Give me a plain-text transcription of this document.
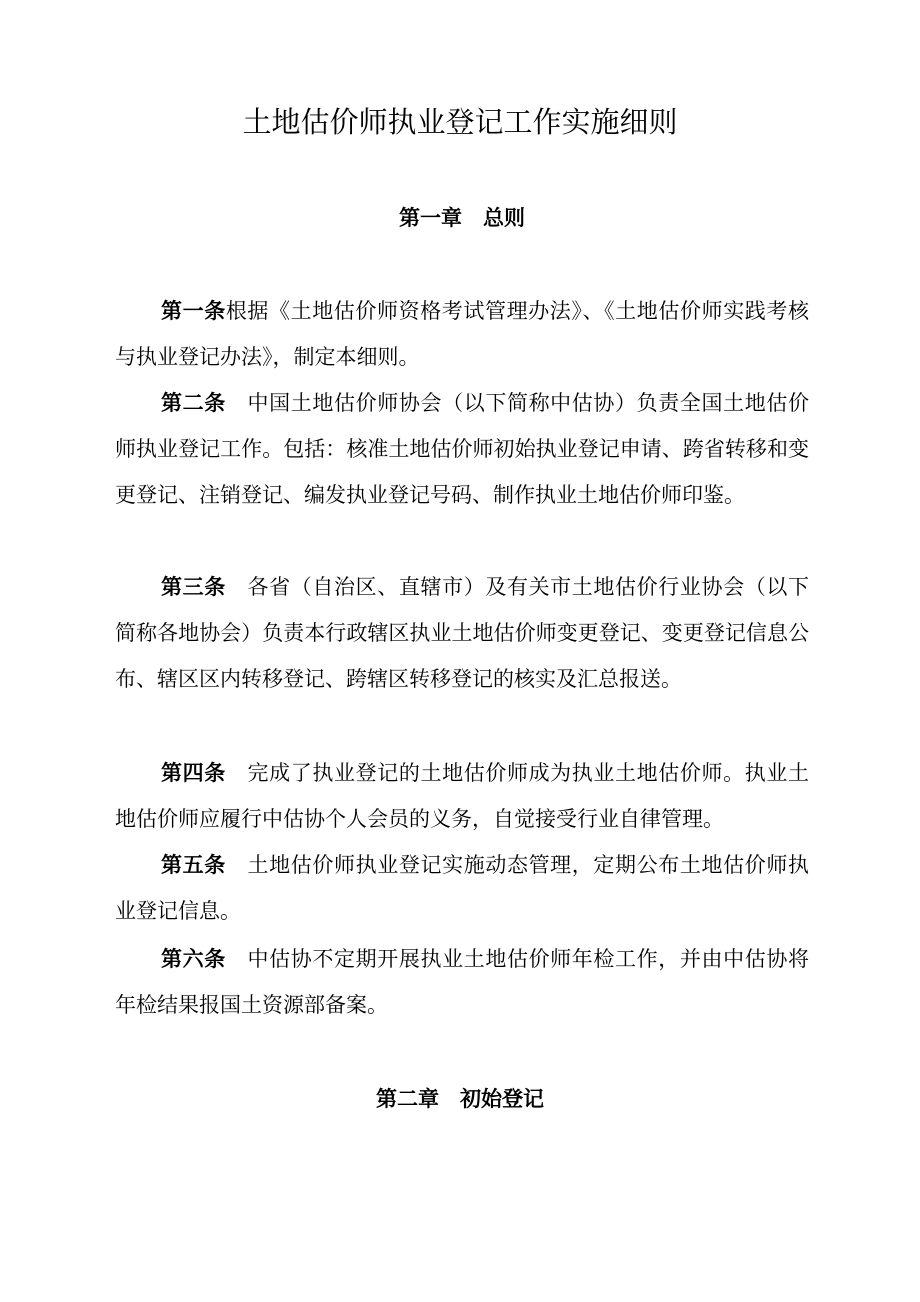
土地估价师执业登记工作实施细则
第一章　总则

第一条根据《土地估价师资格考试管理办法》、《土地估价师实践考核与执业登记办法》，制定本细则。

第二条　中国土地估价师协会（以下简称中估协）负责全国土地估价师执业登记工作。包括：核准土地估价师初始执业登记申请、跨省转移和变更登记、注销登记、编发执业登记号码、制作执业土地估价师印鉴。

第三条　各省（自治区、直辖市）及有关市土地估价行业协会（以下简称各地协会）负责本行政辖区执业土地估价师变更登记、变更登记信息公布、辖区区内转移登记、跨辖区转移登记的核实及汇总报送。

第四条　完成了执业登记的土地估价师成为执业土地估价师。执业土地估价师应履行中估协个人会员的义务，自觉接受行业自律管理。

第五条　土地估价师执业登记实施动态管理，定期公布土地估价师执业登记信息。

第六条　中估协不定期开展执业土地估价师年检工作，并由中估协将年检结果报国土资源部备案。

第二章　初始登记
